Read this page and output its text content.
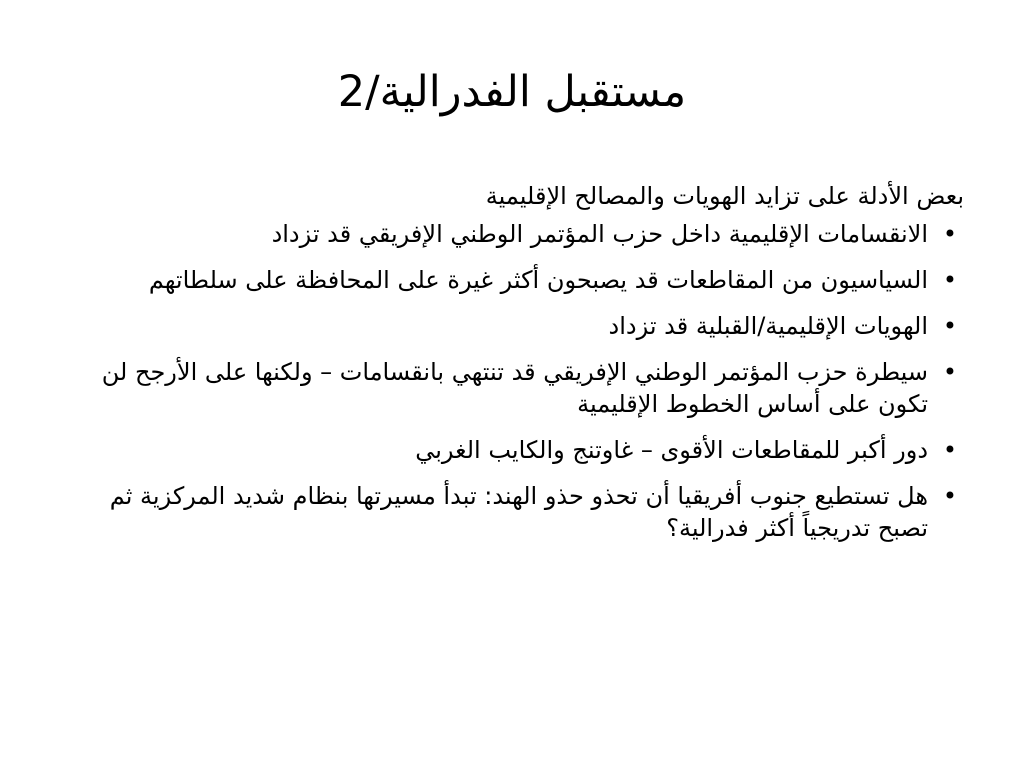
مستقبل الفدرالية/2

بعض الأدلة على تزايد الهويات والمصالح الإقليمية

•
الانقسامات الإقليمية داخل حزب المؤتمر الوطني الإفريقي قد تزداد
•
السياسيون من المقاطعات قد يصبحون أكثر غيرة على المحافظة على سلطاتهم
•
الهويات الإقليمية/القبلية قد تزداد
•
سيطرة حزب المؤتمر الوطني الإفريقي قد تنتهي بانقسامات – ولكنها على الأرجح لن تكون على أساس الخطوط الإقليمية
•
دور أكبر للمقاطعات الأقوى – غاوتنج والكايب الغربي
•
هل تستطيع جنوب أفريقيا أن تحذو حذو الهند: تبدأ مسيرتها بنظام شديد المركزية ثم تصبح تدريجياً أكثر فدرالية؟
